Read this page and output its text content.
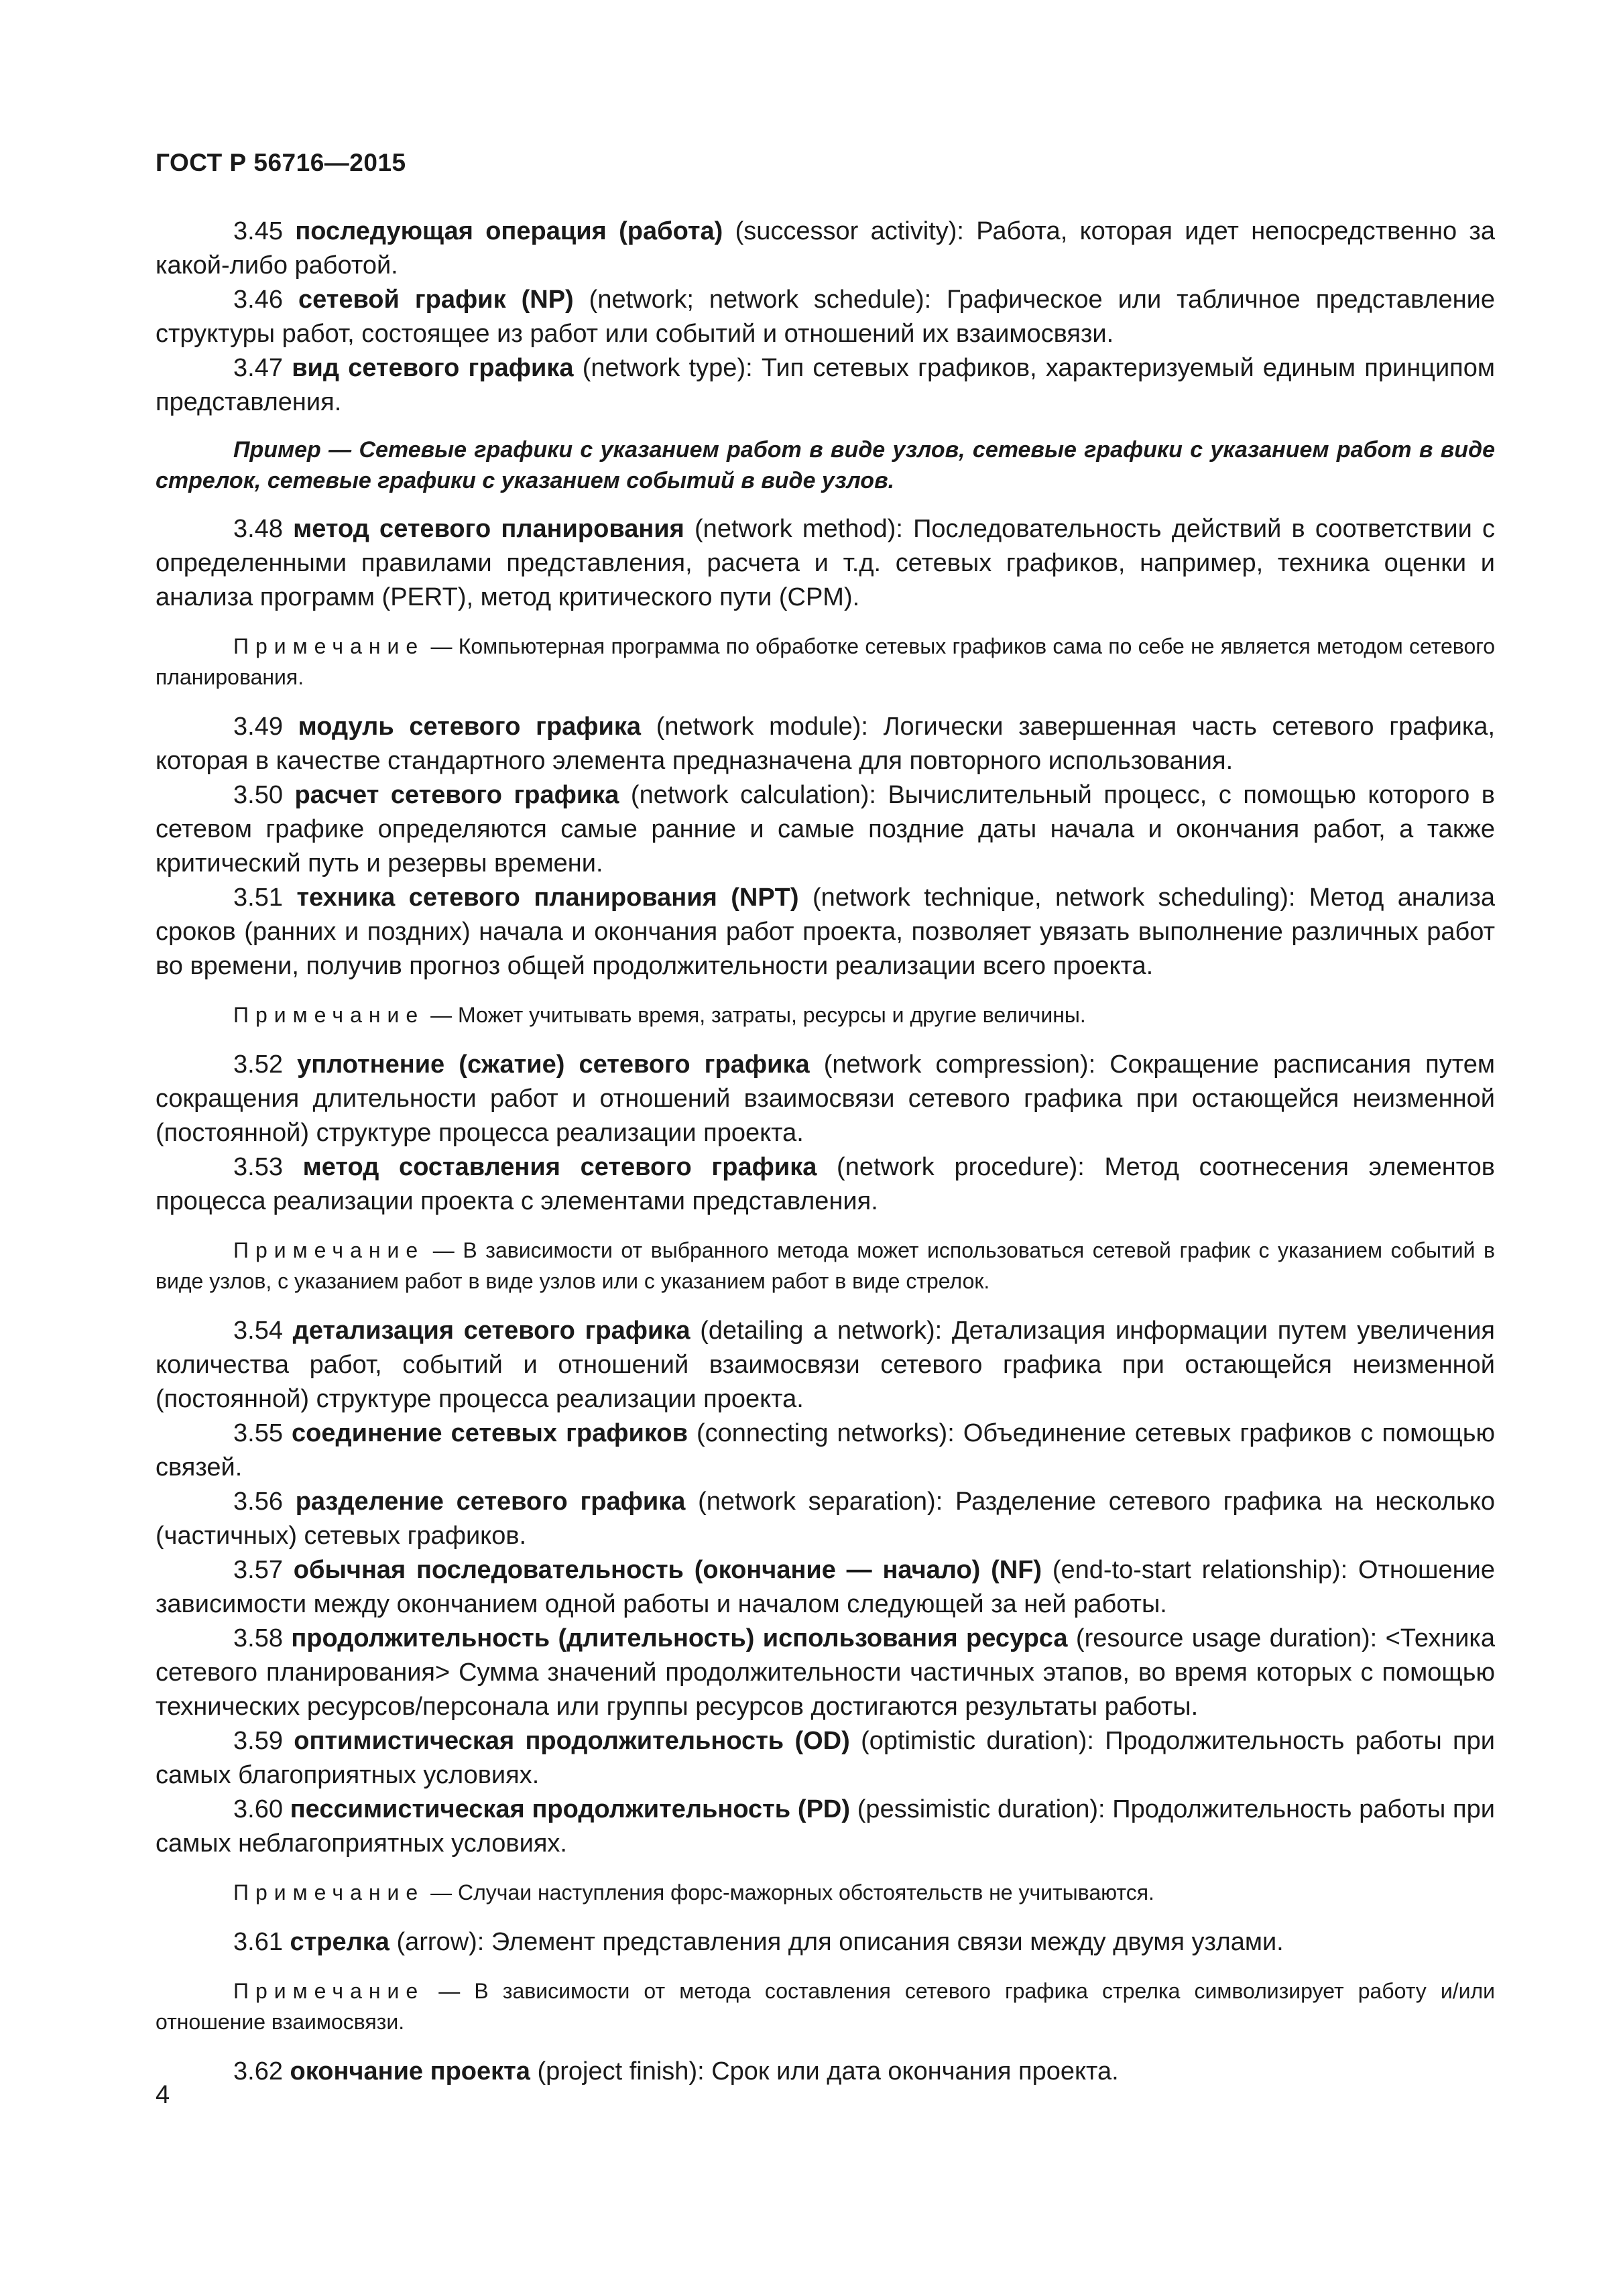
ГОСТ Р 56716—2015

3.45 последующая операция (работа) (successor activity): Работа, которая идет непосредственно за какой-либо работой.

3.46 сетевой график (NP) (network; network schedule): Графическое или табличное представление структуры работ, состоящее из работ или событий и отношений их взаимосвязи.

3.47 вид сетевого графика (network type): Тип сетевых графиков, характеризуемый единым принципом представления.

Пример — Сетевые графики с указанием работ в виде узлов, сетевые графики с указанием работ в виде стрелок, сетевые графики с указанием событий в виде узлов.

3.48 метод сетевого планирования (network method): Последовательность действий в соответствии с определенными правилами представления, расчета и т.д. сетевых графиков, например, техника оценки и анализа программ (PERT), метод критического пути (CPM).

Примечание — Компьютерная программа по обработке сетевых графиков сама по себе не является методом сетевого планирования.

3.49 модуль сетевого графика (network module): Логически завершенная часть сетевого графика, которая в качестве стандартного элемента предназначена для повторного использования.

3.50 расчет сетевого графика (network calculation): Вычислительный процесс, с помощью которого в сетевом графике определяются самые ранние и самые поздние даты начала и окончания работ, а также критический путь и резервы времени.

3.51 техника сетевого планирования (NPT) (network technique, network scheduling): Метод анализа сроков (ранних и поздних) начала и окончания работ проекта, позволяет увязать выполнение различных работ во времени, получив прогноз общей продолжительности реализации всего проекта.

Примечание — Может учитывать время, затраты, ресурсы и другие величины.

3.52 уплотнение (сжатие) сетевого графика (network compression): Сокращение расписания путем сокращения длительности работ и отношений взаимосвязи сетевого графика при остающейся неизменной (постоянной) структуре процесса реализации проекта.

3.53 метод составления сетевого графика (network procedure): Метод соотнесения элементов процесса реализации проекта с элементами представления.

Примечание — В зависимости от выбранного метода может использоваться сетевой график с указанием событий в виде узлов, с указанием работ в виде узлов или с указанием работ в виде стрелок.

3.54 детализация сетевого графика (detailing a network): Детализация информации путем увеличения количества работ, событий и отношений взаимосвязи сетевого графика при остающейся неизменной (постоянной) структуре процесса реализации проекта.

3.55 соединение сетевых графиков (connecting networks): Объединение сетевых графиков с помощью связей.

3.56 разделение сетевого графика (network separation): Разделение сетевого графика на несколько (частичных) сетевых графиков.

3.57 обычная последовательность (окончание — начало) (NF) (end-to-start relationship): Отношение зависимости между окончанием одной работы и началом следующей за ней работы.

3.58 продолжительность (длительность) использования ресурса (resource usage duration): <Техника сетевого планирования> Сумма значений продолжительности частичных этапов, во время которых с помощью технических ресурсов/персонала или группы ресурсов достигаются результаты работы.

3.59 оптимистическая продолжительность (OD) (optimistic duration): Продолжительность работы при самых благоприятных условиях.

3.60 пессимистическая продолжительность (PD) (pessimistic duration): Продолжительность работы при самых неблагоприятных условиях.

Примечание — Случаи наступления форс-мажорных обстоятельств не учитываются.

3.61 стрелка (arrow): Элемент представления для описания связи между двумя узлами.

Примечание — В зависимости от метода составления сетевого графика стрелка символизирует работу и/или отношение взаимосвязи.

3.62 окончание проекта (project finish): Срок или дата окончания проекта.

4
